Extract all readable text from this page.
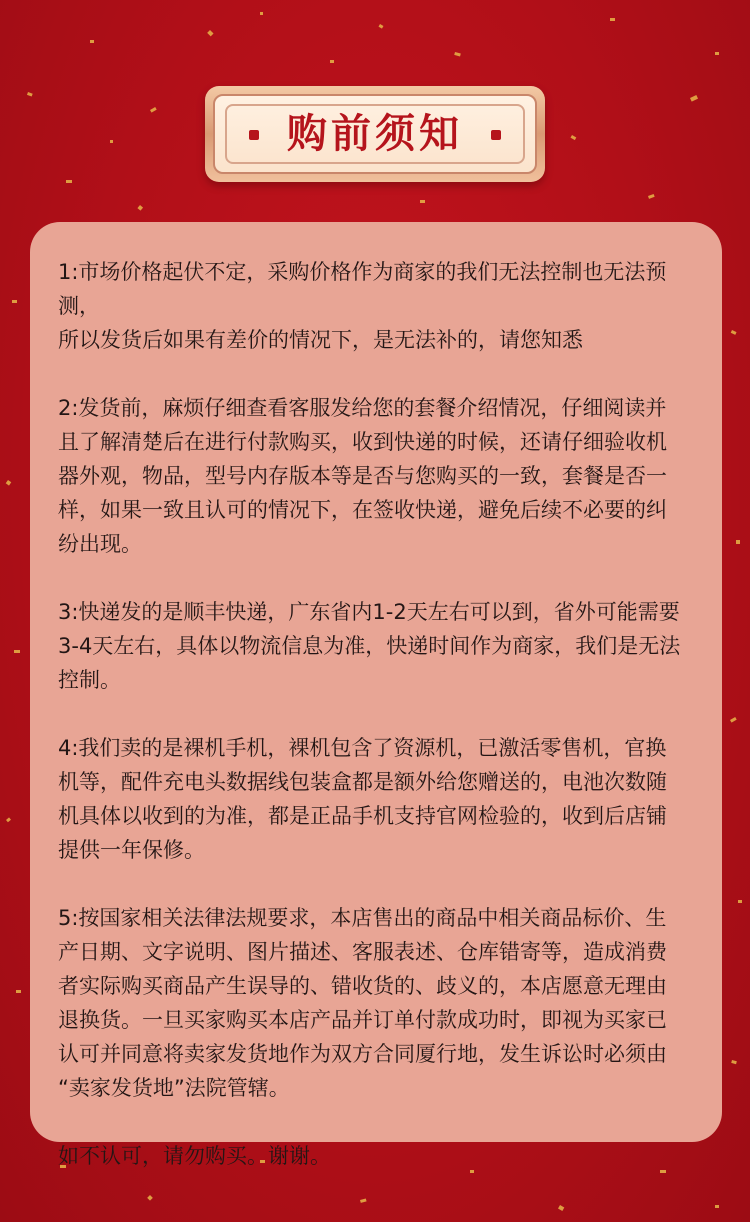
购前须知

1:市场价格起伏不定，采购价格作为商家的我们无法控制也无法预测，
所以发货后如果有差价的情况下，是无法补的，请您知悉

2:发货前，麻烦仔细查看客服发给您的套餐介绍情况，仔细阅读并
且了解清楚后在进行付款购买，收到快递的时候，还请仔细验收机
器外观，物品，型号内存版本等是否与您购买的一致，套餐是否一
样，如果一致且认可的情况下，在签收快递，避免后续不必要的纠
纷出现。

3:快递发的是顺丰快递，广东省内1-2天左右可以到，省外可能需要
3-4天左右，具体以物流信息为准，快递时间作为商家，我们是无法
控制。

4:我们卖的是裸机手机，裸机包含了资源机，已激活零售机，官换
机等，配件充电头数据线包装盒都是额外给您赠送的，电池次数随
机具体以收到的为准，都是正品手机支持官网检验的，收到后店铺
提供一年保修。

5:按国家相关法律法规要求，本店售出的商品中相关商品标价、生
产日期、文字说明、图片描述、客服表述、仓库错寄等，造成消费
者实际购买商品产生误导的、错收货的、歧义的，本店愿意无理由
退换货。一旦买家购买本店产品并订单付款成功时，即视为买家已
认可并同意将卖家发货地作为双方合同厦行地，发生诉讼时必须由
“卖家发货地”法院管辖。

如不认可，请勿购买。谢谢。
